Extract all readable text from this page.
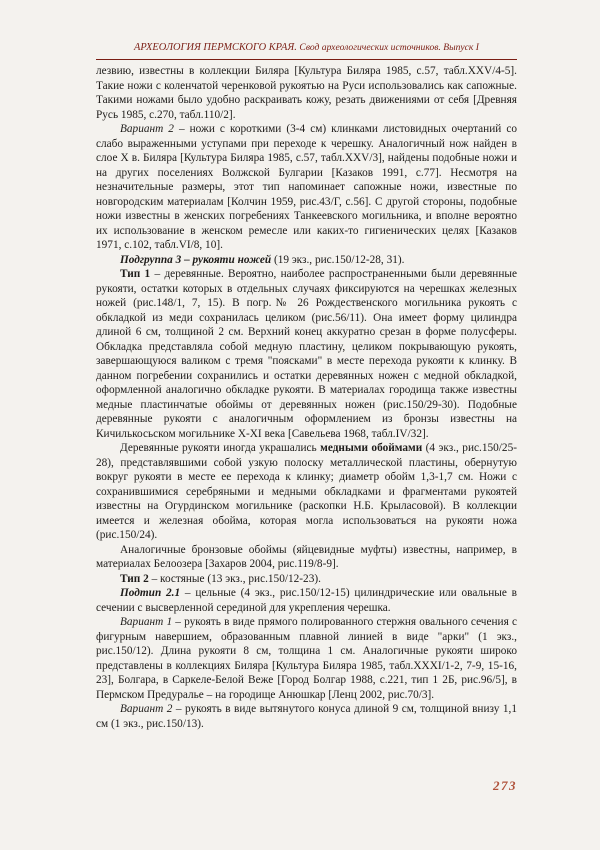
АРХЕОЛОГИЯ ПЕРМСКОГО КРАЯ. Свод археологических источников. Выпуск I

лезвию, известны в коллекции Биляра [Культура Биляра 1985, с.57, табл.XXV/4-5]. Такие ножи с коленчатой черенковой рукоятью на Руси использовались как сапожные. Такими ножами было удобно раскраивать кожу, резать движениями от себя [Древняя Русь 1985, с.270, табл.110/2].

Вариант 2 – ножи с короткими (3-4 см) клинками листовидных очертаний со слабо выраженными уступами при переходе к черешку. Аналогичный нож найден в слое Х в. Биляра [Культура Биляра 1985, с.57, табл.XXV/3], найдены подобные ножи и на других поселениях Волжской Булгарии [Казаков 1991, с.77]. Несмотря на незначительные размеры, этот тип напоминает сапожные ножи, известные по новгородским материалам [Колчин 1959, рис.43/Г, с.56]. С другой стороны, подобные ножи известны в женских погребениях Танкеевского могильника, и вполне вероятно их использование в женском ремесле или каких-то гигиенических целях [Казаков 1971, с.102, табл.VI/8, 10].

Подгруппа 3 – рукояти ножей (19 экз., рис.150/12-28, 31).

Тип 1 – деревянные. Вероятно, наиболее распространенными были деревянные рукояти, остатки которых в отдельных случаях фиксируются на черешках железных ножей (рис.148/1, 7, 15). В погр.№ 26 Рождественского могильника рукоять с обкладкой из меди сохранилась целиком (рис.56/11). Она имеет форму цилиндра длиной 6 см, толщиной 2 см. Верхний конец аккуратно срезан в форме полусферы. Обкладка представляла собой медную пластину, целиком покрывающую рукоять, завершающуюся валиком с тремя "поясками" в месте перехода рукояти к клинку. В данном погребении сохранились и остатки деревянных ножен с медной обкладкой, оформленной аналогично обкладке рукояти. В материалах городища также известны медные пластинчатые обоймы от деревянных ножен (рис.150/29-30). Подобные деревянные рукояти с аналогичным оформлением из бронзы известны на Кичилькосьском могильнике X-XI века [Савельева 1968, табл.IV/32].

Деревянные рукояти иногда украшались медными обоймами (4 экз., рис.150/25-28), представлявшими собой узкую полоску металлической пластины, обернутую вокруг рукояти в месте ее перехода к клинку; диаметр обойм 1,3-1,7 см. Ножи с сохранившимися серебряными и медными обкладками и фрагментами рукоятей известны на Огурдинском могильнике (раскопки Н.Б. Крыласовой). В коллекции имеется и железная обойма, которая могла использоваться на рукояти ножа (рис.150/24).

Аналогичные бронзовые обоймы (яйцевидные муфты) известны, например, в материалах Белоозера [Захаров 2004, рис.119/8-9].

Тип 2 – костяные (13 экз., рис.150/12-23).

Подтип 2.1 – цельные (4 экз., рис.150/12-15) цилиндрические или овальные в сечении с высверленной серединой для укрепления черешка.

Вариант 1 – рукоять в виде прямого полированного стержня овального сечения с фигурным навершием, образованным плавной линией в виде "арки" (1 экз., рис.150/12). Длина рукояти 8 см, толщина 1 см. Аналогичные рукояти широко представлены в коллекциях Биляра [Культура Биляра 1985, табл.XXXI/1-2, 7-9, 15-16, 23], Болгара, в Саркеле-Белой Веже [Город Болгар 1988, с.221, тип 1 2Б, рис.96/5], в Пермском Предуралье – на городище Анюшкар [Ленц 2002, рис.70/3].

Вариант 2 – рукоять в виде вытянутого конуса длиной 9 см, толщиной внизу 1,1 см (1 экз., рис.150/13).

273
